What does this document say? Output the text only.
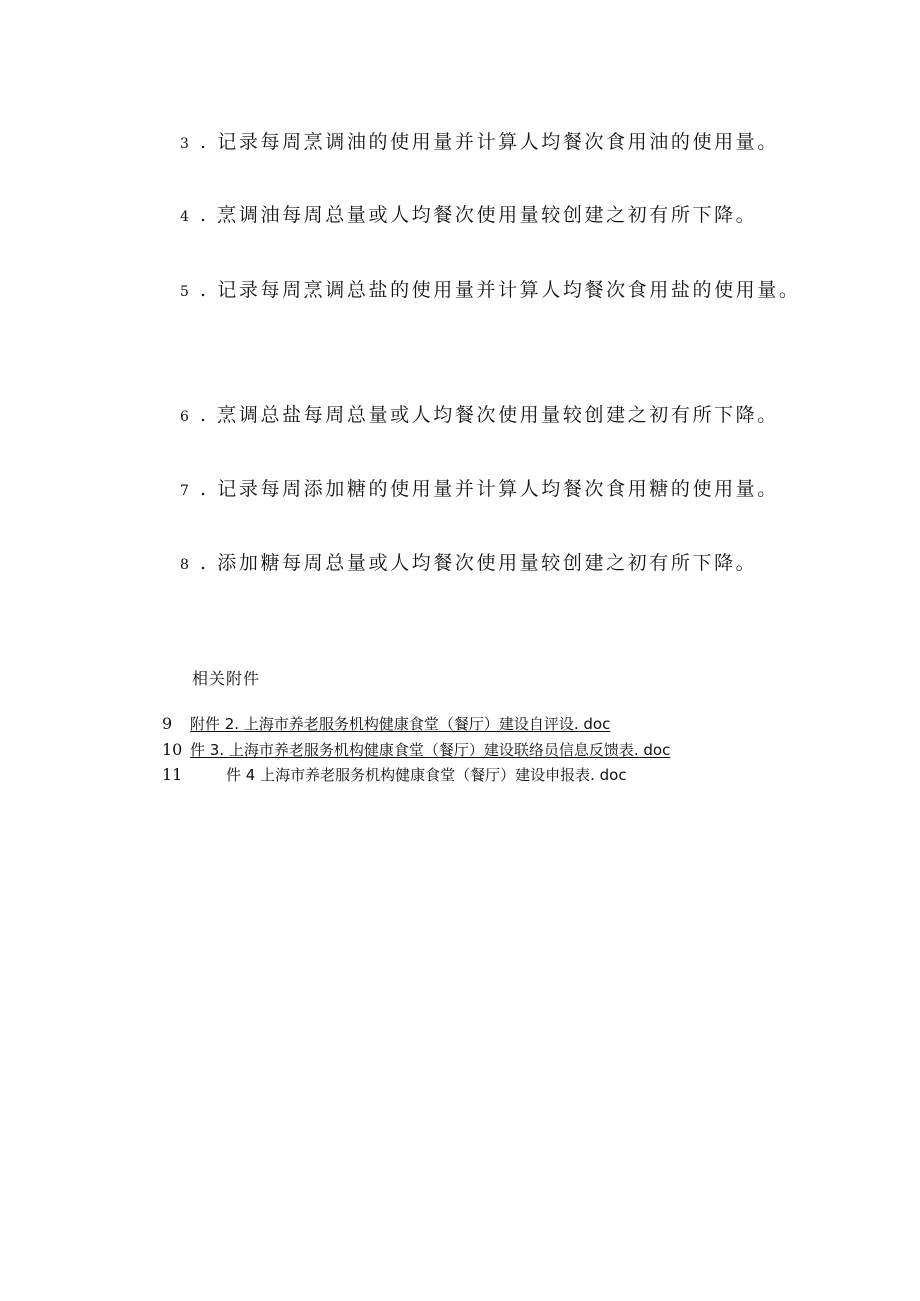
3 . 记录每周烹调油的使用量并计算人均餐次食用油的使用量。
4 . 烹调油每周总量或人均餐次使用量较创建之初有所下降。
5 . 记录每周烹调总盐的使用量并计算人均餐次食用盐的使用量。
6 . 烹调总盐每周总量或人均餐次使用量较创建之初有所下降。
7 . 记录每周添加糖的使用量并计算人均餐次食用糖的使用量。
8 . 添加糖每周总量或人均餐次使用量较创建之初有所下降。
相关附件
9 附件 2. 上海市养老服务机构健康食堂（餐厅）建设自评设. doc
10 件 3. 上海市养老服务机构健康食堂（餐厅）建设联络员信息反馈表. doc
11	件 4 上海市养老服务机构健康食堂（餐厅）建设申报表. doc
